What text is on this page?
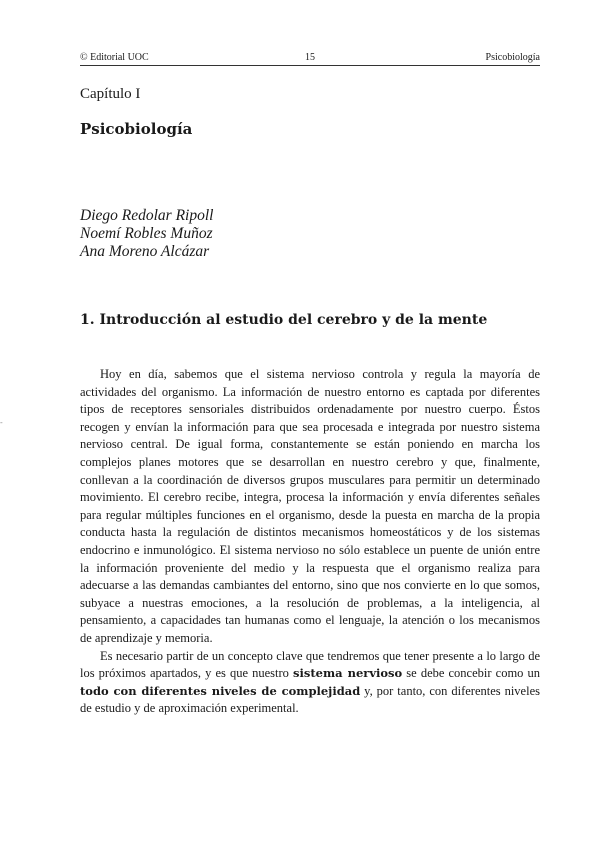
© Editorial UOC	15	Psicobiología
Capítulo I
Psicobiología
Diego Redolar Ripoll
Noemí Robles Muñoz
Ana Moreno Alcázar
1. Introducción al estudio del cerebro y de la mente

Hoy en día, sabemos que el sistema nervioso controla y regula la mayoría de actividades del organismo. La información de nuestro entorno es captada por diferentes tipos de receptores sensoriales distribuidos ordenadamente por nuestro cuerpo. Éstos recogen y envían la información para que sea procesada e integrada por nuestro sistema nervioso central. De igual forma, constantemente se están poniendo en marcha los complejos planes motores que se desarrollan en nuestro cerebro y que, finalmente, conllevan a la coordinación de diversos grupos musculares para permitir un determinado movimiento. El cerebro recibe, integra, procesa la información y envía diferentes señales para regular múltiples funciones en el organismo, desde la puesta en marcha de la propia conducta hasta la regulación de distintos mecanismos homeostáticos y de los sistemas endocrino e inmunológico. El sistema nervioso no sólo establece un puente de unión entre la información proveniente del medio y la respuesta que el organismo realiza para adecuarse a las demandas cambiantes del entorno, sino que nos convierte en lo que somos, subyace a nuestras emociones, a la resolución de problemas, a la inteligencia, al pensamiento, a capacidades tan humanas como el lenguaje, la atención o los mecanismos de aprendizaje y memoria.

Es necesario partir de un concepto clave que tendremos que tener presente a lo largo de los próximos apartados, y es que nuestro sistema nervioso se debe concebir como un todo con diferentes niveles de complejidad y, por tanto, con diferentes niveles de estudio y de aproximación experimental.

-
